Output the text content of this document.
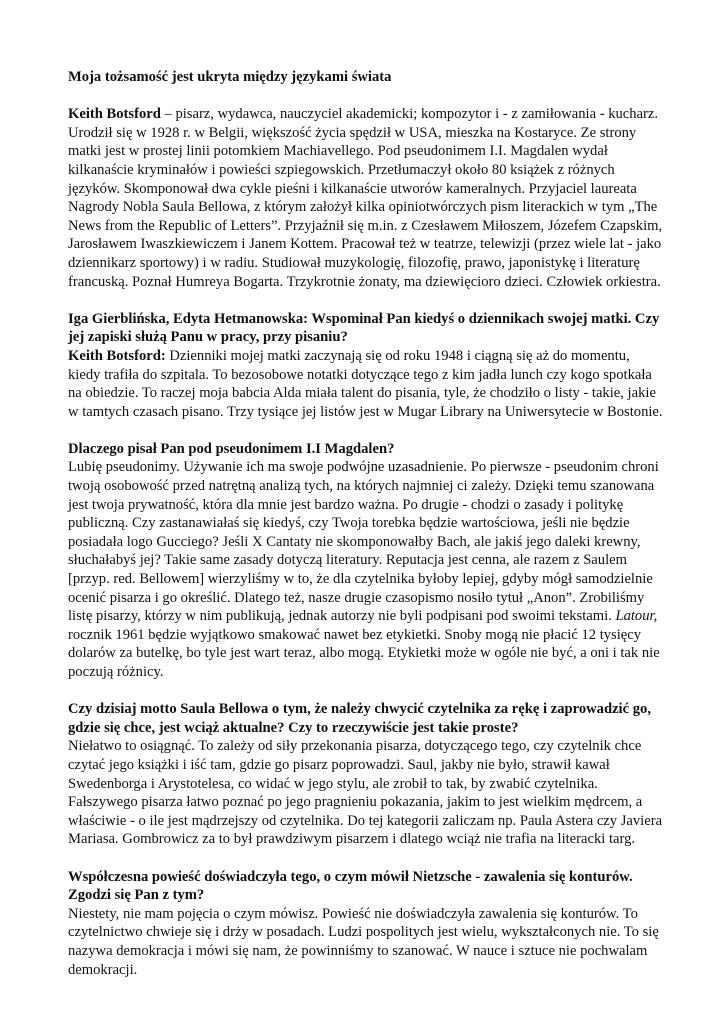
Moja tożsamość jest ukryta między językami świata

Keith Botsford – pisarz, wydawca, nauczyciel akademicki; kompozytor i - z zamiłowania - kucharz. Urodził się w 1928 r. w Belgii, większość życia spędził w USA, mieszka na Kostaryce. Ze strony matki jest w prostej linii potomkiem Machiavellego. Pod pseudonimem I.I. Magdalen wydał kilkanaście kryminałów i powieści szpiegowskich. Przetłumaczył około 80 książek z różnych języków. Skomponował dwa cykle pieśni i kilkanaście utworów kameralnych. Przyjaciel laureata Nagrody Nobla Saula Bellowa, z którym założył kilka opiniotwórczych pism literackich w tym „The News from the Republic of Letters”. Przyjaźnił się m.in. z Czesławem Miłoszem, Józefem Czapskim, Jarosławem Iwaszkiewiczem i Janem Kottem. Pracował też w teatrze, telewizji (przez wiele lat - jako dziennikarz sportowy) i w radiu. Studiował muzykologię, filozofię, prawo, japonistykę i literaturę francuską. Poznał Humreya Bogarta. Trzykrotnie żonaty, ma dziewięcioro dzieci. Człowiek orkiestra.

Iga Gierblińska, Edyta Hetmanowska: Wspominał Pan kiedyś o dziennikach swojej matki. Czy jej zapiski służą Panu w pracy, przy pisaniu?

Keith Botsford: Dzienniki mojej matki zaczynają się od roku 1948 i ciągną się aż do momentu, kiedy trafiła do szpitala. To bezosobowe notatki dotyczące tego z kim jadła lunch czy kogo spotkała na obiedzie. To raczej moja babcia Alda miała talent do pisania, tyle, że chodziło o listy - takie, jakie w tamtych czasach pisano. Trzy tysiące jej listów jest w Mugar Library na Uniwersytecie w Bostonie.

Dlaczego pisał Pan pod pseudonimem I.I Magdalen?

Lubię pseudonimy. Używanie ich ma swoje podwójne uzasadnienie. Po pierwsze - pseudonim chroni twoją osobowość przed natrętną analizą tych, na których najmniej ci zależy. Dzięki temu szanowana jest twoja prywatność, która dla mnie jest bardzo ważna. Po drugie - chodzi o zasady i politykę publiczną. Czy zastanawiałaś się kiedyś, czy Twoja torebka będzie wartościowa, jeśli nie będzie posiadała logo Gucciego? Jeśli X Cantaty nie skomponowałby Bach, ale jakiś jego daleki krewny, słuchałabyś jej? Takie same zasady dotyczą literatury. Reputacja jest cenna, ale razem z Saulem [przyp. red. Bellowem] wierzyliśmy w to, że dla czytelnika byłoby lepiej, gdyby mógł samodzielnie ocenić pisarza i go określić. Dlatego też, nasze drugie czasopismo nosiło tytuł „Anon”. Zrobiliśmy listę pisarzy, którzy w nim publikują, jednak autorzy nie byli podpisani pod swoimi tekstami. Latour, rocznik 1961 będzie wyjątkowo smakować nawet bez etykietki. Snoby mogą nie płacić 12 tysięcy dolarów za butelkę, bo tyle jest wart teraz, albo mogą. Etykietki może w ogóle nie być, a oni i tak nie poczują różnicy.

Czy dzisiaj motto Saula Bellowa o tym, że należy chwycić czytelnika za rękę i zaprowadzić go, gdzie się chce, jest wciąż aktualne? Czy to rzeczywiście jest takie proste?

Niełatwo to osiągnąć. To zależy od siły przekonania pisarza, dotyczącego tego, czy czytelnik chce czytać jego książki i iść tam, gdzie go pisarz poprowadzi. Saul, jakby nie było, strawił kawał Swedenborga i Arystotelesa, co widać w jego stylu, ale zrobił to tak, by zwabić czytelnika. Fałszywego pisarza łatwo poznać po jego pragnieniu pokazania, jakim to jest wielkim mędrcem, a właściwie - o ile jest mądrzejszy od czytelnika. Do tej kategorii zaliczam np. Paula Astera czy Javiera Mariasa. Gombrowicz za to był prawdziwym pisarzem i dlatego wciąż nie trafia na literacki targ.

Współczesna powieść doświadczyła tego, o czym mówił Nietzsche - zawalenia się konturów. Zgodzi się Pan z tym?

Niestety, nie mam pojęcia o czym mówisz. Powieść nie doświadczyła zawalenia się konturów. To czytelnictwo chwieje się i drży w posadach. Ludzi pospolitych jest wielu, wykształconych nie. To się nazywa demokracja i mówi się nam, że powinniśmy to szanować. W nauce i sztuce nie pochwalam demokracji.
